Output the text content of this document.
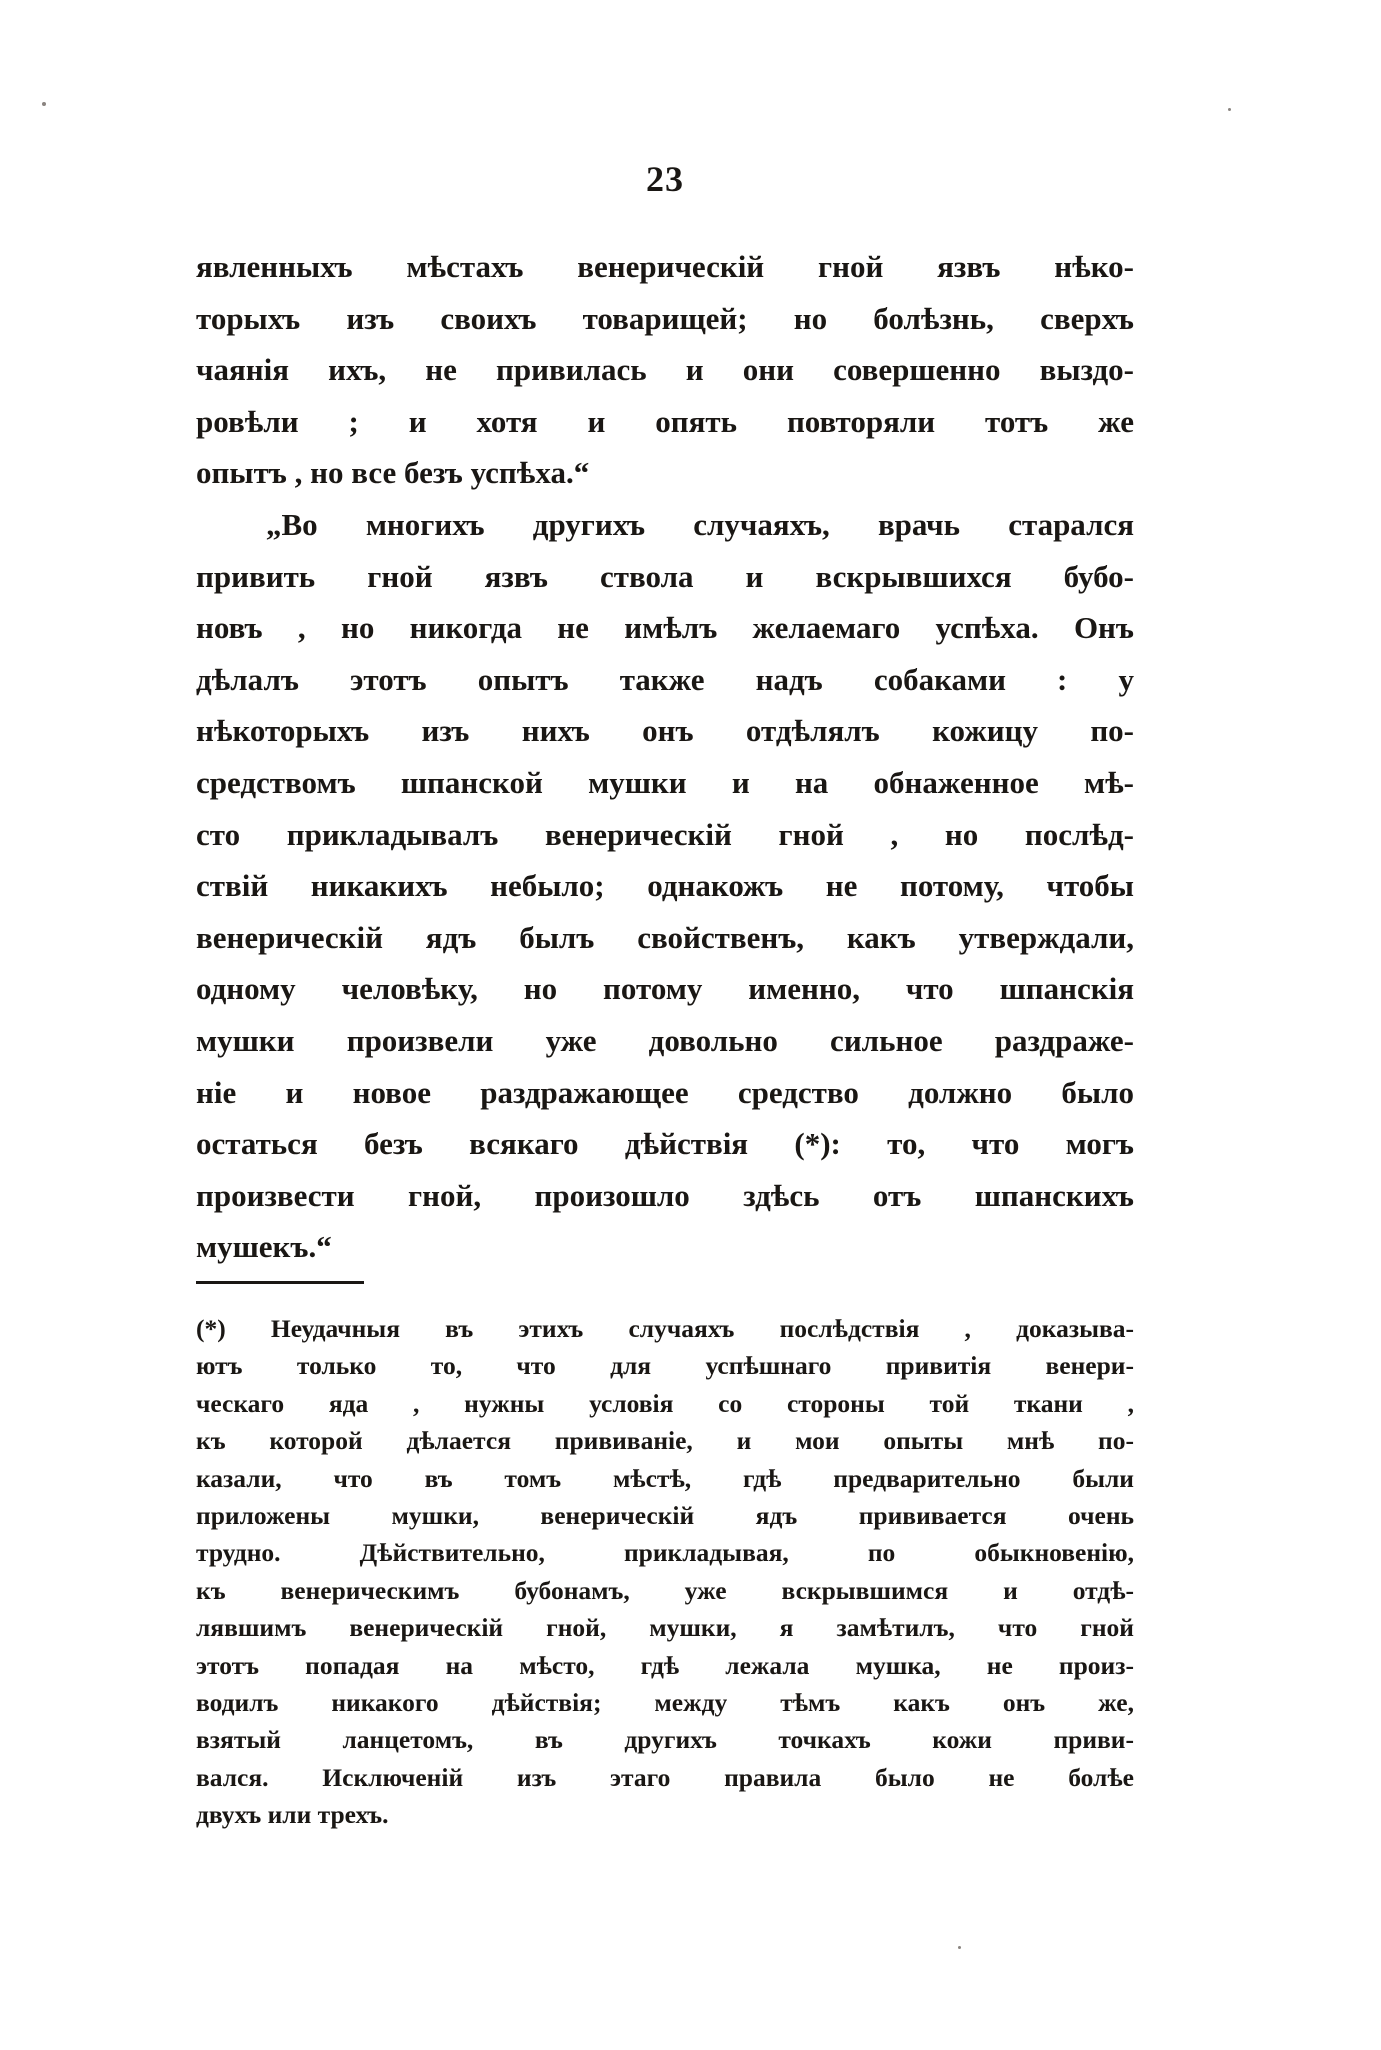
23
явленныхъ мѣстахъ венерическій гной язвъ нѣко-
торыхъ изъ своихъ товарищей; но болѣзнь, сверхъ
чаянія ихъ, не привилась и они совершенно выздо-
ровѣли ; и хотя и опять повторяли тотъ же
опытъ , но все безъ успѣха.“
„Во многихъ другихъ случаяхъ, врачь старался
привить гной язвъ ствола и вскрывшихся бубо-
новъ , но никогда не имѣлъ желаемаго успѣха. Онъ
дѣлалъ этотъ опытъ также надъ собаками : у
нѣкоторыхъ изъ нихъ онъ отдѣлялъ кожицу по-
средствомъ шпанской мушки и на обнаженное мѣ-
сто прикладывалъ венерическій гной , но послѣд-
ствій никакихъ небыло; однакожъ не потому, чтобы
венерическій ядъ былъ свойственъ, какъ утверждали,
одному человѣку, но потому именно, что шпанскія
мушки произвели уже довольно сильное раздраже-
ніе и новое раздражающее средство должно было
остаться безъ всякаго дѣйствія (*): то, что могъ
произвести гной, произошло здѣсь отъ шпанскихъ
мушекъ.“
(*) Неудачныя въ этихъ случаяхъ послѣдствія , доказыва-
ютъ только то, что для успѣшнаго привитія венери-
ческаго яда , нужны условія со стороны той ткани ,
къ которой дѣлается прививаніе, и мои опыты мнѣ по-
казали, что въ томъ мѣстѣ, гдѣ предварительно были
приложены мушки, венерическій ядъ прививается очень
трудно. Дѣйствительно, прикладывая, по обыкновенію,
къ венерическимъ бубонамъ, уже вскрывшимся и отдѣ-
лявшимъ венерическій гной, мушки, я замѣтилъ, что гной
этотъ попадая на мѣсто, гдѣ лежала мушка, не произ-
водилъ никакого дѣйствія; между тѣмъ какъ онъ же,
взятый ланцетомъ, въ другихъ точкахъ кожи приви-
вался. Исключеній изъ этаго правила было не болѣе
двухъ или трехъ.
